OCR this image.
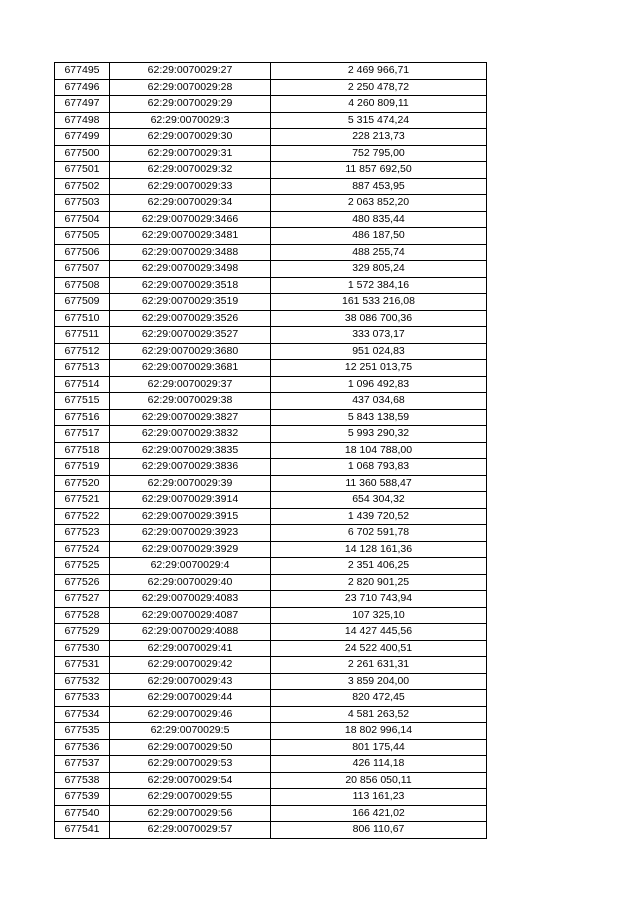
677495	62:29:0070029:27	2 469 966,71
677496	62:29:0070029:28	2 250 478,72
677497	62:29:0070029:29	4 260 809,11
677498	62:29:0070029:3	5 315 474,24
677499	62:29:0070029:30	228 213,73
677500	62:29:0070029:31	752 795,00
677501	62:29:0070029:32	11 857 692,50
677502	62:29:0070029:33	887 453,95
677503	62:29:0070029:34	2 063 852,20
677504	62:29:0070029:3466	480 835,44
677505	62:29:0070029:3481	486 187,50
677506	62:29:0070029:3488	488 255,74
677507	62:29:0070029:3498	329 805,24
677508	62:29:0070029:3518	1 572 384,16
677509	62:29:0070029:3519	161 533 216,08
677510	62:29:0070029:3526	38 086 700,36
677511	62:29:0070029:3527	333 073,17
677512	62:29:0070029:3680	951 024,83
677513	62:29:0070029:3681	12 251 013,75
677514	62:29:0070029:37	1 096 492,83
677515	62:29:0070029:38	437 034,68
677516	62:29:0070029:3827	5 843 138,59
677517	62:29:0070029:3832	5 993 290,32
677518	62:29:0070029:3835	18 104 788,00
677519	62:29:0070029:3836	1 068 793,83
677520	62:29:0070029:39	11 360 588,47
677521	62:29:0070029:3914	654 304,32
677522	62:29:0070029:3915	1 439 720,52
677523	62:29:0070029:3923	6 702 591,78
677524	62:29:0070029:3929	14 128 161,36
677525	62:29:0070029:4	2 351 406,25
677526	62:29:0070029:40	2 820 901,25
677527	62:29:0070029:4083	23 710 743,94
677528	62:29:0070029:4087	107 325,10
677529	62:29:0070029:4088	14 427 445,56
677530	62:29:0070029:41	24 522 400,51
677531	62:29:0070029:42	2 261 631,31
677532	62:29:0070029:43	3 859 204,00
677533	62:29:0070029:44	820 472,45
677534	62:29:0070029:46	4 581 263,52
677535	62:29:0070029:5	18 802 996,14
677536	62:29:0070029:50	801 175,44
677537	62:29:0070029:53	426 114,18
677538	62:29:0070029:54	20 856 050,11
677539	62:29:0070029:55	113 161,23
677540	62:29:0070029:56	166 421,02
677541	62:29:0070029:57	806 110,67
